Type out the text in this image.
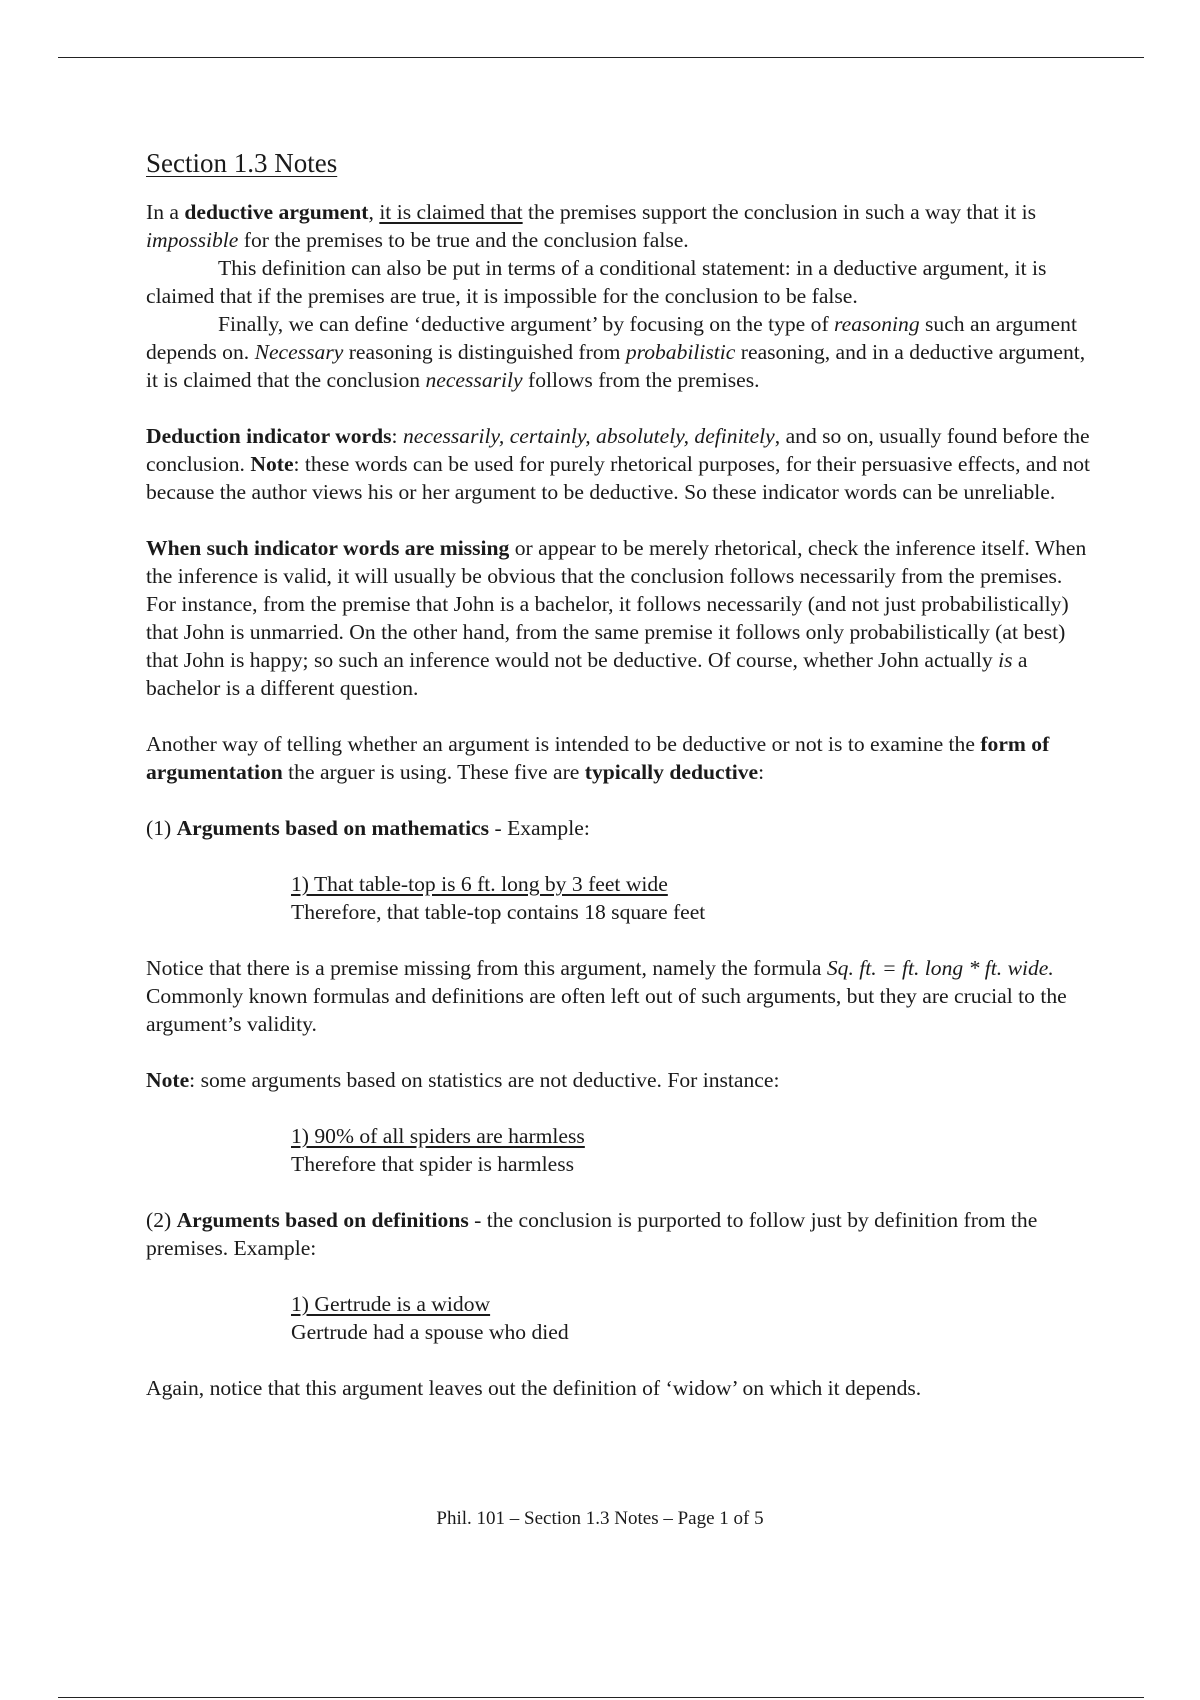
Section 1.3 Notes

In a deductive argument, it is claimed that the premises support the conclusion in such a way that it is impossible for the premises to be true and the conclusion false.

This definition can also be put in terms of a conditional statement: in a deductive argument, it is claimed that if the premises are true, it is impossible for the conclusion to be false.

Finally, we can define ‘deductive argument’ by focusing on the type of reasoning such an argument depends on. Necessary reasoning is distinguished from probabilistic reasoning, and in a deductive argument, it is claimed that the conclusion necessarily follows from the premises.

Deduction indicator words: necessarily, certainly, absolutely, definitely, and so on, usually found before the conclusion. Note: these words can be used for purely rhetorical purposes, for their persuasive effects, and not because the author views his or her argument to be deductive. So these indicator words can be unreliable.

When such indicator words are missing or appear to be merely rhetorical, check the inference itself. When the inference is valid, it will usually be obvious that the conclusion follows necessarily from the premises. For instance, from the premise that John is a bachelor, it follows necessarily (and not just probabilistically) that John is unmarried. On the other hand, from the same premise it follows only probabilistically (at best) that John is happy; so such an inference would not be deductive. Of course, whether John actually is a bachelor is a different question.

Another way of telling whether an argument is intended to be deductive or not is to examine the form of argumentation the arguer is using. These five are typically deductive:

(1) Arguments based on mathematics - Example:

1) That table-top is 6 ft. long by 3 feet wide
Therefore, that table-top contains 18 square feet

Notice that there is a premise missing from this argument, namely the formula Sq. ft. = ft. long * ft. wide. Commonly known formulas and definitions are often left out of such arguments, but they are crucial to the argument’s validity.

Note: some arguments based on statistics are not deductive. For instance:

1) 90% of all spiders are harmless
Therefore that spider is harmless

(2) Arguments based on definitions - the conclusion is purported to follow just by definition from the premises. Example:

1) Gertrude is a widow
Gertrude had a spouse who died

Again, notice that this argument leaves out the definition of ‘widow’ on which it depends.

Phil. 101 – Section 1.3 Notes – Page 1 of 5
